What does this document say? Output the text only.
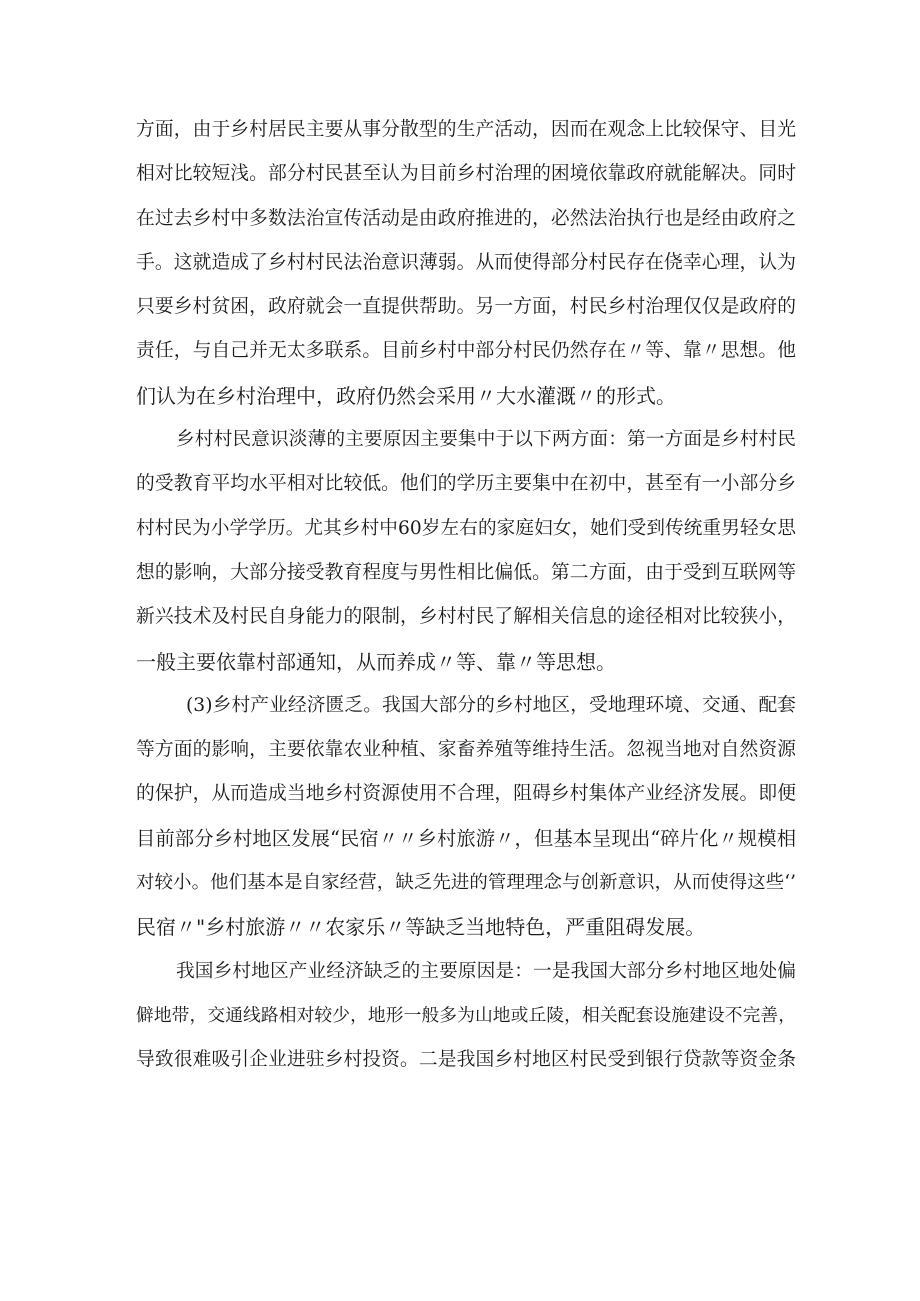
方面，由于乡村居民主要从事分散型的生产活动，因而在观念上比较保守、目光
相对比较短浅。部分村民甚至认为目前乡村治理的困境依靠政府就能解决。同时
在过去乡村中多数法治宣传活动是由政府推进的，必然法治执行也是经由政府之
手。这就造成了乡村村民法治意识薄弱。从而使得部分村民存在侥幸心理，认为
只要乡村贫困，政府就会一直提供帮助。另一方面，村民乡村治理仅仅是政府的
责任，与自己并无太多联系。目前乡村中部分村民仍然存在〃等、靠〃思想。他
们认为在乡村治理中，政府仍然会采用〃大水灌溉〃的形式。
乡村村民意识淡薄的主要原因主要集中于以下两方面：第一方面是乡村村民
的受教育平均水平相对比较低。他们的学历主要集中在初中，甚至有一小部分乡
村村民为小学学历。尤其乡村中60岁左右的家庭妇女，她们受到传统重男轻女思
想的影响，大部分接受教育程度与男性相比偏低。第二方面，由于受到互联网等
新兴技术及村民自身能力的限制，乡村村民了解相关信息的途径相对比较狭小，
一般主要依靠村部通知，从而养成〃等、靠〃等思想。
(3)乡村产业经济匮乏。我国大部分的乡村地区，受地理环境、交通、配套
等方面的影响，主要依靠农业种植、家畜养殖等维持生活。忽视当地对自然资源
的保护，从而造成当地乡村资源使用不合理，阻碍乡村集体产业经济发展。即便
目前部分乡村地区发展“民宿〃〃乡村旅游〃，但基本呈现出“碎片化〃规模相
对较小。他们基本是自家经营，缺乏先进的管理理念与创新意识，从而使得这些‘’
民宿〃"乡村旅游〃〃农家乐〃等缺乏当地特色，严重阻碍发展。
我国乡村地区产业经济缺乏的主要原因是：一是我国大部分乡村地区地处偏
僻地带，交通线路相对较少，地形一般多为山地或丘陵，相关配套设施建设不完善，
导致很难吸引企业进驻乡村投资。二是我国乡村地区村民受到银行贷款等资金条
